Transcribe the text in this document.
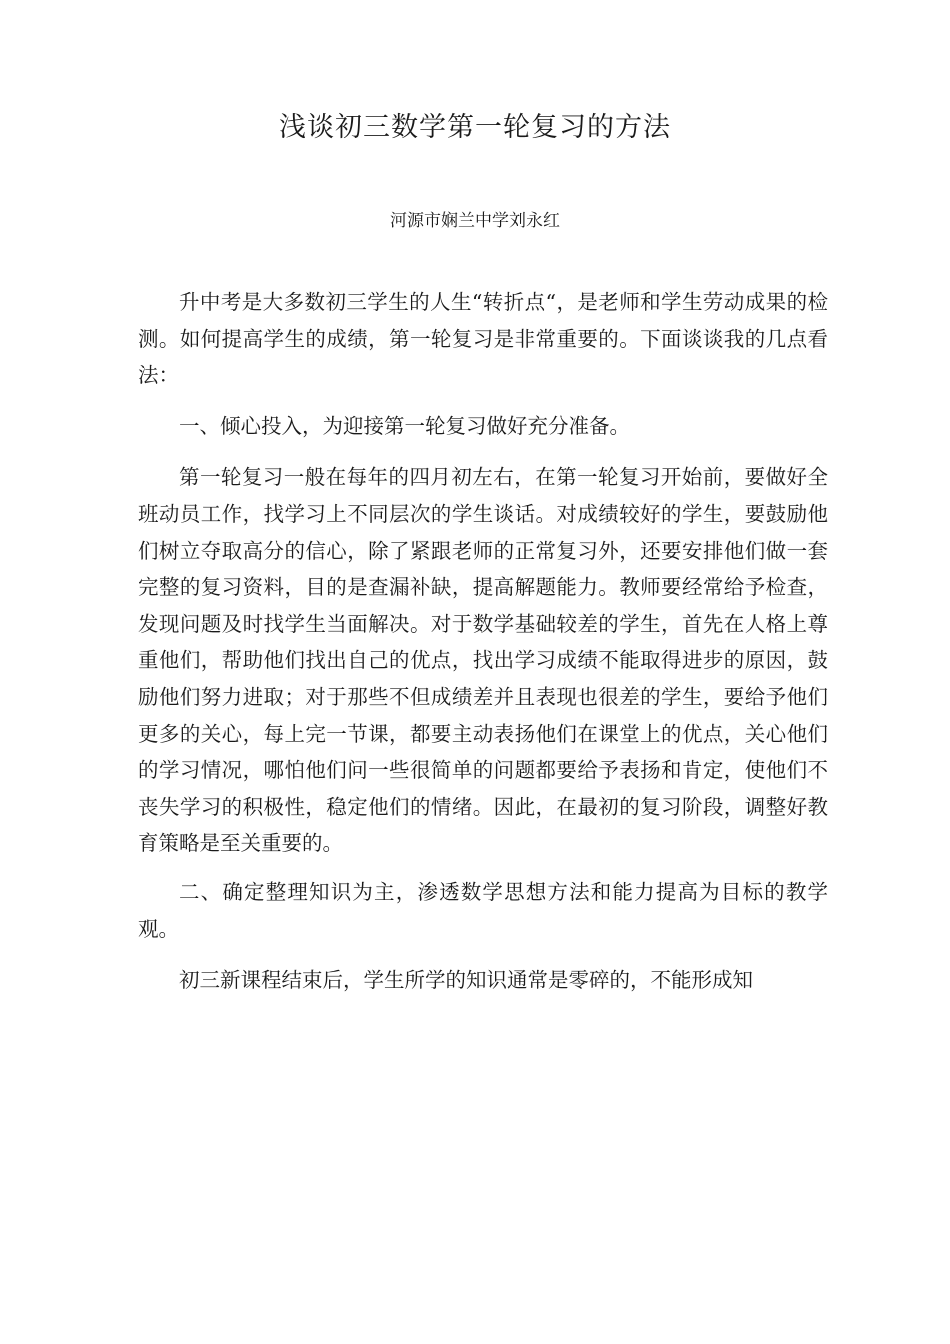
浅谈初三数学第一轮复习的方法
河源市娴兰中学刘永红

升中考是大多数初三学生的人生“转折点“，是老师和学生劳动成果的检测。如何提高学生的成绩，第一轮复习是非常重要的。下面谈谈我的几点看法：

一、倾心投入，为迎接第一轮复习做好充分准备。

第一轮复习一般在每年的四月初左右，在第一轮复习开始前，要做好全班动员工作，找学习上不同层次的学生谈话。对成绩较好的学生，要鼓励他们树立夺取高分的信心，除了紧跟老师的正常复习外，还要安排他们做一套完整的复习资料，目的是查漏补缺，提高解题能力。教师要经常给予检查，发现问题及时找学生当面解决。对于数学基础较差的学生，首先在人格上尊重他们，帮助他们找出自己的优点，找出学习成绩不能取得进步的原因，鼓励他们努力进取；对于那些不但成绩差并且表现也很差的学生，要给予他们更多的关心，每上完一节课，都要主动表扬他们在课堂上的优点，关心他们的学习情况，哪怕他们问一些很简单的问题都要给予表扬和肯定，使他们不丧失学习的积极性，稳定他们的情绪。因此，在最初的复习阶段，调整好教育策略是至关重要的。

二、确定整理知识为主，渗透数学思想方法和能力提高为目标的教学观。

初三新课程结束后，学生所学的知识通常是零碎的，不能形成知
